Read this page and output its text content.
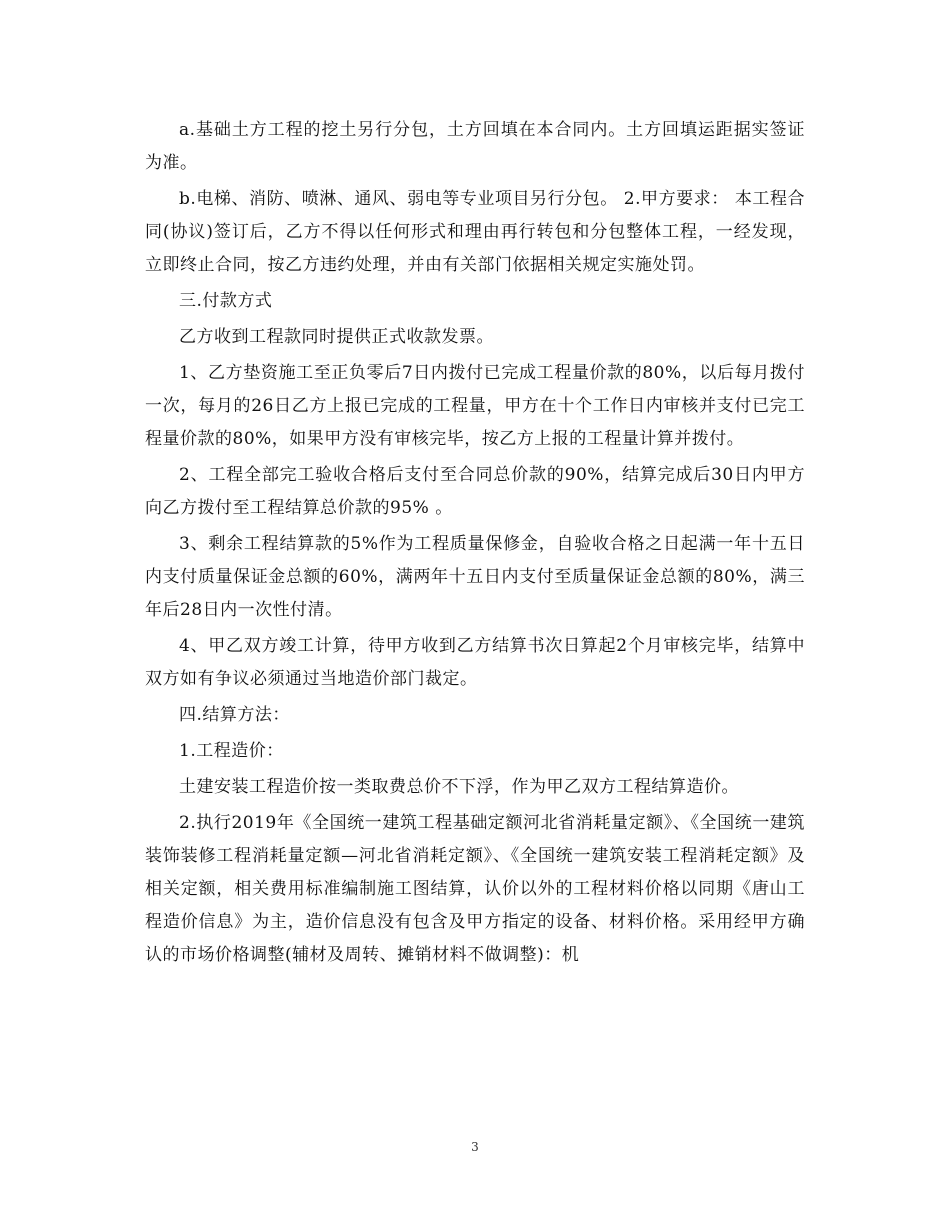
a.基础土方工程的挖土另行分包，土方回填在本合同内。土方回填运距据实签证为准。

b.电梯、消防、喷淋、通风、弱电等专业项目另行分包。 2.甲方要求： 本工程合同(协议)签订后，乙方不得以任何形式和理由再行转包和分包整体工程，一经发现，立即终止合同，按乙方违约处理，并由有关部门依据相关规定实施处罚。

三.付款方式

乙方收到工程款同时提供正式收款发票。

1、乙方垫资施工至正负零后7日内拨付已完成工程量价款的80%，以后每月拨付一次，每月的26日乙方上报已完成的工程量，甲方在十个工作日内审核并支付已完工程量价款的80%，如果甲方没有审核完毕，按乙方上报的工程量计算并拨付。

2、工程全部完工验收合格后支付至合同总价款的90%，结算完成后30日内甲方向乙方拨付至工程结算总价款的95% 。

3、剩余工程结算款的5%作为工程质量保修金，自验收合格之日起满一年十五日内支付质量保证金总额的60%，满两年十五日内支付至质量保证金总额的80%，满三年后28日内一次性付清。

4、甲乙双方竣工计算，待甲方收到乙方结算书次日算起2个月审核完毕，结算中双方如有争议必须通过当地造价部门裁定。

四.结算方法：

1.工程造价：

土建安装工程造价按一类取费总价不下浮，作为甲乙双方工程结算造价。

2.执行2019年《全国统一建筑工程基础定额河北省消耗量定额》、《全国统一建筑装饰装修工程消耗量定额—河北省消耗定额》、《全国统一建筑安装工程消耗定额》及相关定额，相关费用标准编制施工图结算，认价以外的工程材料价格以同期《唐山工程造价信息》为主，造价信息没有包含及甲方指定的设备、材料价格。采用经甲方确认的市场价格调整(辅材及周转、摊销材料不做调整)：机

3
